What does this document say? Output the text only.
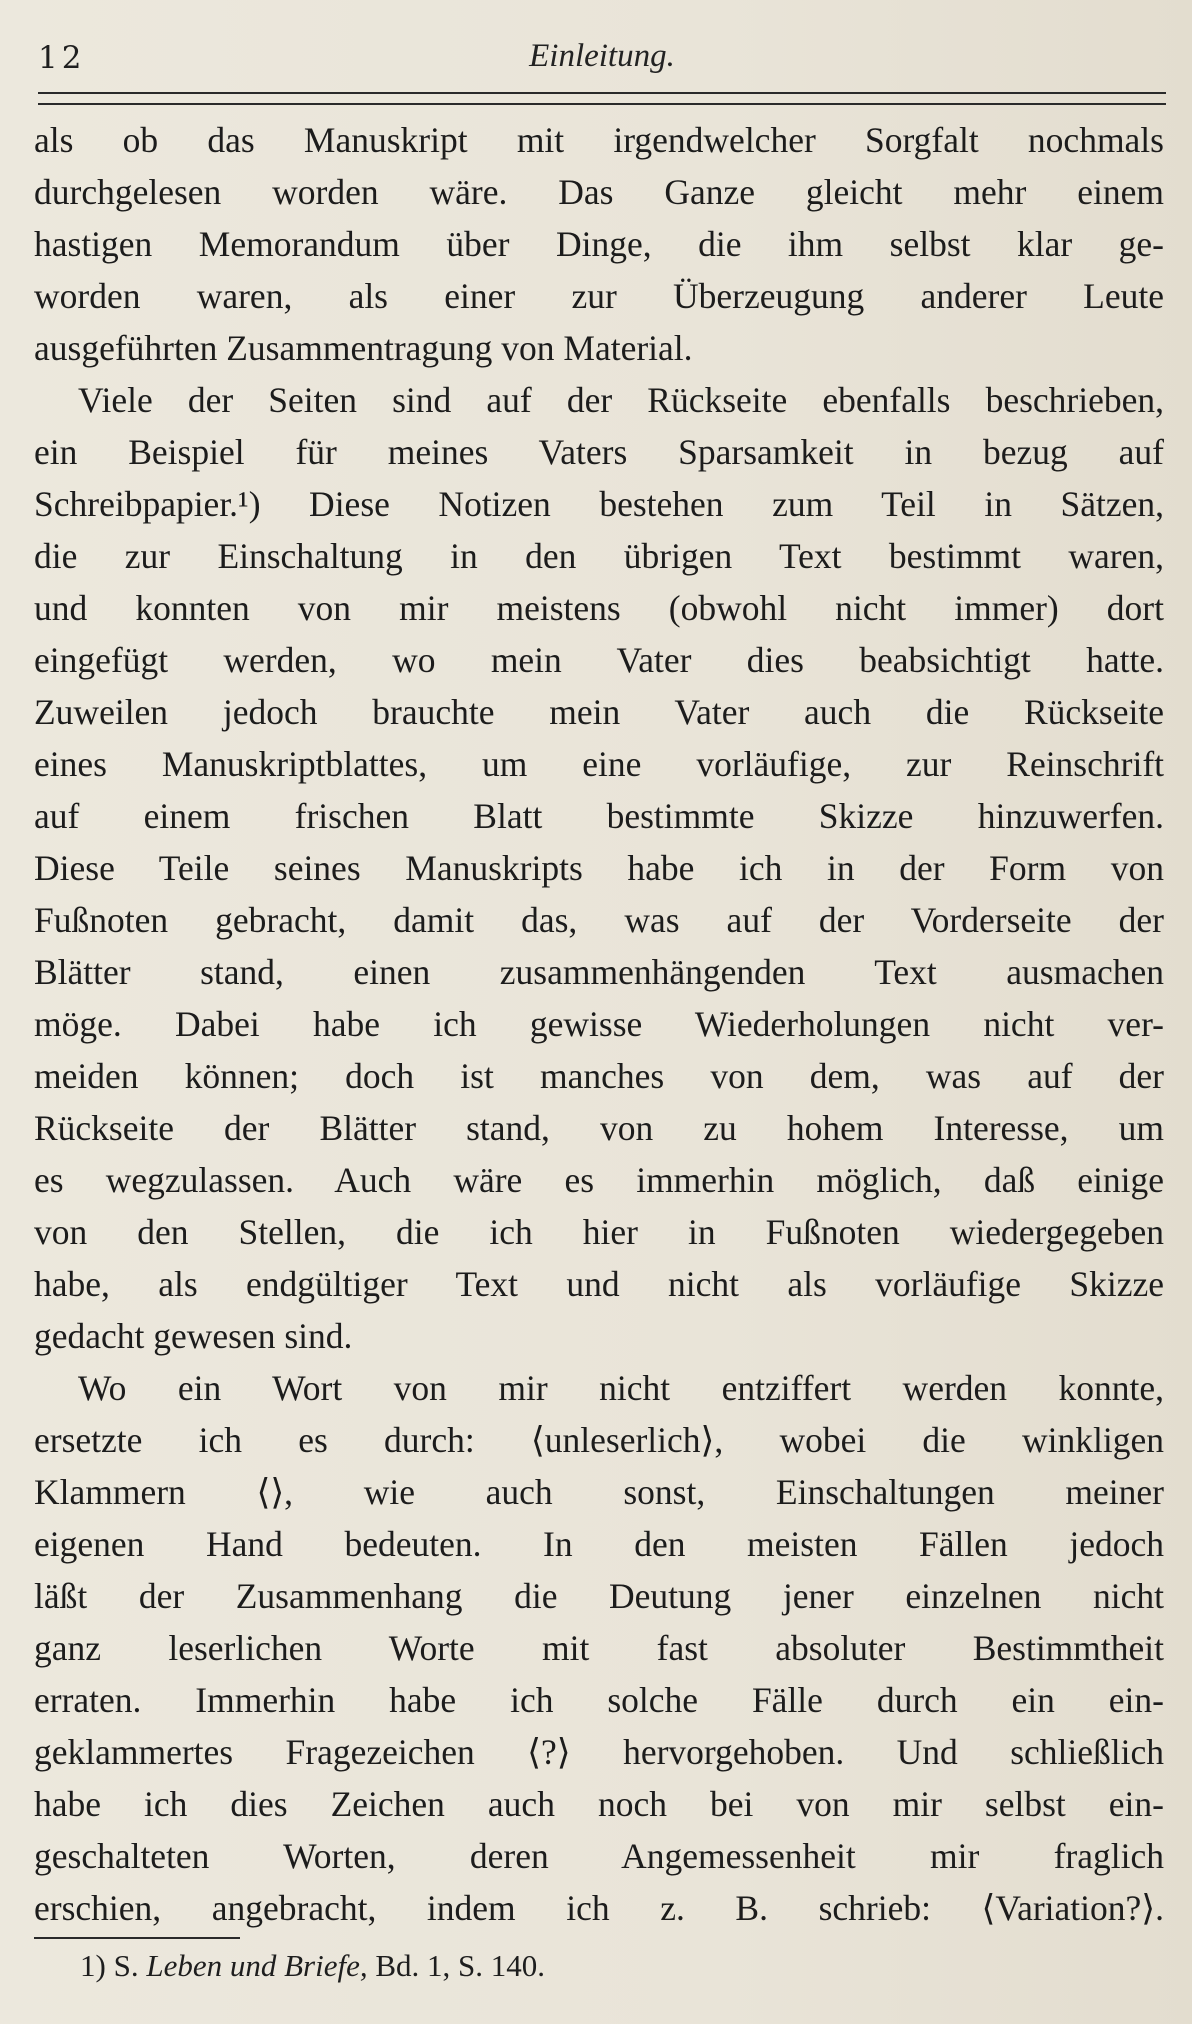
12	Einleitung.
als ob das Manuskript mit irgendwelcher Sorgfalt nochmals
durchgelesen worden wäre. Das Ganze gleicht mehr einem
hastigen Memorandum über Dinge, die ihm selbst klar ge-
worden waren, als einer zur Überzeugung anderer Leute
ausgeführten Zusammentragung von Material.
Viele der Seiten sind auf der Rückseite ebenfalls beschrieben,
ein Beispiel für meines Vaters Sparsamkeit in bezug auf
Schreibpapier.¹) Diese Notizen bestehen zum Teil in Sätzen,
die zur Einschaltung in den übrigen Text bestimmt waren,
und konnten von mir meistens (obwohl nicht immer) dort
eingefügt werden, wo mein Vater dies beabsichtigt hatte.
Zuweilen jedoch brauchte mein Vater auch die Rückseite
eines Manuskriptblattes, um eine vorläufige, zur Reinschrift
auf einem frischen Blatt bestimmte Skizze hinzuwerfen.
Diese Teile seines Manuskripts habe ich in der Form von
Fußnoten gebracht, damit das, was auf der Vorderseite der
Blätter stand, einen zusammenhängenden Text ausmachen
möge. Dabei habe ich gewisse Wiederholungen nicht ver-
meiden können; doch ist manches von dem, was auf der
Rückseite der Blätter stand, von zu hohem Interesse, um
es wegzulassen. Auch wäre es immerhin möglich, daß einige
von den Stellen, die ich hier in Fußnoten wiedergegeben
habe, als endgültiger Text und nicht als vorläufige Skizze
gedacht gewesen sind.
Wo ein Wort von mir nicht entziffert werden konnte,
ersetzte ich es durch: ⟨unleserlich⟩, wobei die winkligen
Klammern ⟨⟩, wie auch sonst, Einschaltungen meiner
eigenen Hand bedeuten. In den meisten Fällen jedoch
läßt der Zusammenhang die Deutung jener einzelnen nicht
ganz leserlichen Worte mit fast absoluter Bestimmtheit
erraten. Immerhin habe ich solche Fälle durch ein ein-
geklammertes Fragezeichen ⟨?⟩ hervorgehoben. Und schließlich
habe ich dies Zeichen auch noch bei von mir selbst ein-
geschalteten Worten, deren Angemessenheit mir fraglich
erschien, angebracht, indem ich z. B. schrieb: ⟨Variation?⟩.
1) S. Leben und Briefe, Bd. 1, S. 140.
